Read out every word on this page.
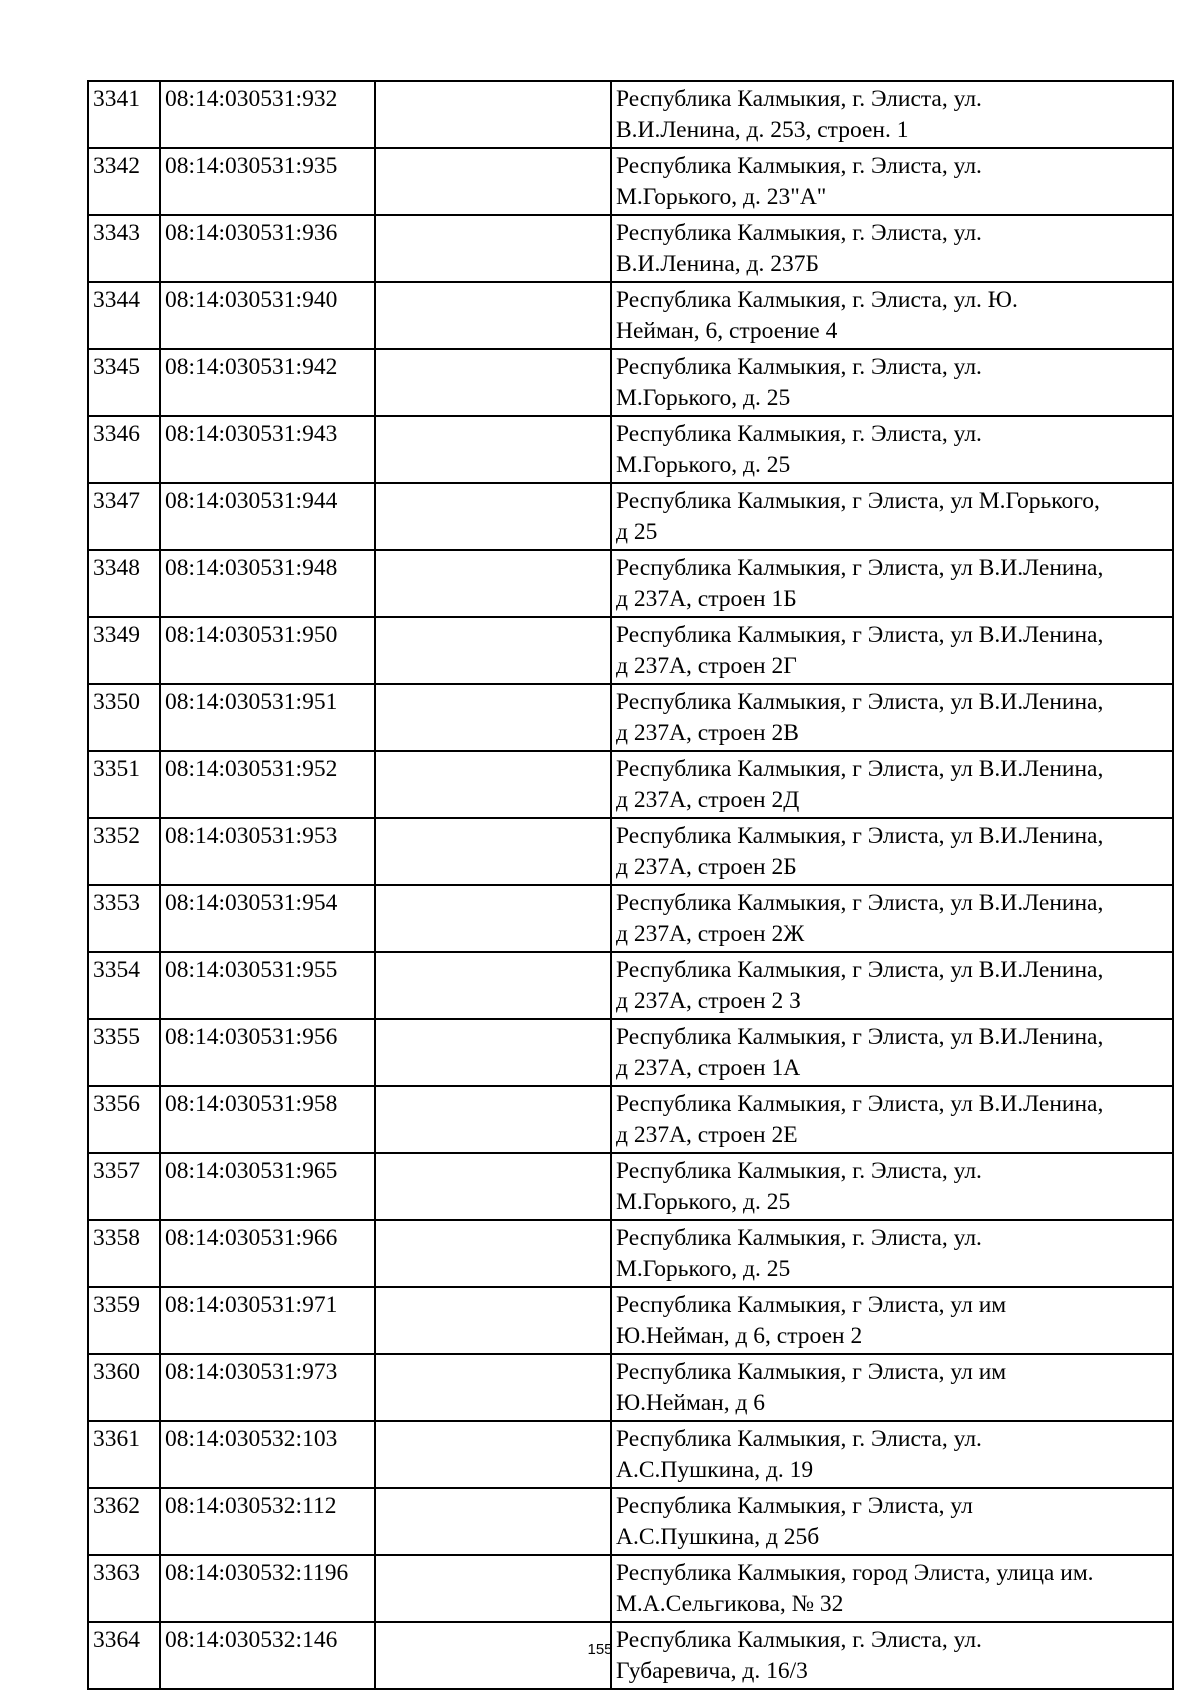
3341	08:14:030531:932		Республика Калмыкия, г. Элиста, ул.
В.И.Ленина, д. 253, строен. 1

3342	08:14:030531:935		Республика Калмыкия, г. Элиста, ул.
М.Горького, д. 23"А"

3343	08:14:030531:936		Республика Калмыкия, г. Элиста, ул.
В.И.Ленина, д. 237Б

3344	08:14:030531:940		Республика Калмыкия, г. Элиста, ул. Ю.
Нейман, 6, строение 4

3345	08:14:030531:942		Республика Калмыкия, г. Элиста, ул.
М.Горького, д. 25

3346	08:14:030531:943		Республика Калмыкия, г. Элиста, ул.
М.Горького, д. 25

3347	08:14:030531:944		Республика Калмыкия, г Элиста, ул М.Горького,
д 25

3348	08:14:030531:948		Республика Калмыкия, г Элиста, ул В.И.Ленина,
д 237А, строен 1Б

3349	08:14:030531:950		Республика Калмыкия, г Элиста, ул В.И.Ленина,
д 237А, строен 2Г

3350	08:14:030531:951		Республика Калмыкия, г Элиста, ул В.И.Ленина,
д 237А, строен 2В

3351	08:14:030531:952		Республика Калмыкия, г Элиста, ул В.И.Ленина,
д 237А, строен 2Д

3352	08:14:030531:953		Республика Калмыкия, г Элиста, ул В.И.Ленина,
д 237А, строен 2Б

3353	08:14:030531:954		Республика Калмыкия, г Элиста, ул В.И.Ленина,
д 237А, строен 2Ж

3354	08:14:030531:955		Республика Калмыкия, г Элиста, ул В.И.Ленина,
д 237А, строен 2 З

3355	08:14:030531:956		Республика Калмыкия, г Элиста, ул В.И.Ленина,
д 237А, строен 1А

3356	08:14:030531:958		Республика Калмыкия, г Элиста, ул В.И.Ленина,
д 237А, строен 2Е

3357	08:14:030531:965		Республика Калмыкия, г. Элиста, ул.
М.Горького, д. 25

3358	08:14:030531:966		Республика Калмыкия, г. Элиста, ул.
М.Горького, д. 25

3359	08:14:030531:971		Республика Калмыкия, г Элиста, ул им
Ю.Нейман, д 6, строен 2

3360	08:14:030531:973		Республика Калмыкия, г Элиста, ул им
Ю.Нейман, д 6

3361	08:14:030532:103		Республика Калмыкия, г. Элиста, ул.
А.С.Пушкина, д. 19

3362	08:14:030532:112		Республика Калмыкия, г Элиста, ул
А.С.Пушкина, д 25б

3363	08:14:030532:1196		Республика Калмыкия, город Элиста, улица им.
М.А.Сельгикова, № 32

3364	08:14:030532:146		Республика Калмыкия, г. Элиста, ул.
Губаревича, д. 16/3
155
